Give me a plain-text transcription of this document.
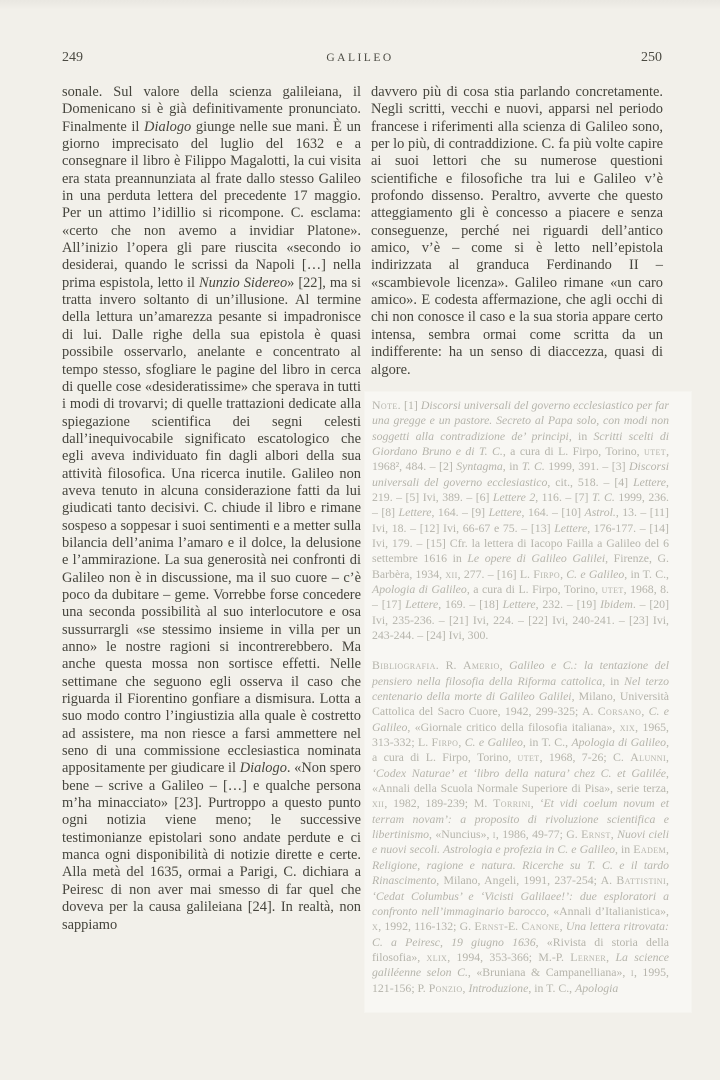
249	GALILEO	250

sonale. Sul valore della scienza galileiana, il Domenicano si è già definitivamente pronunciato. Finalmente il Dialogo giunge nelle sue mani. È un giorno imprecisato del luglio del 1632 e a consegnare il libro è Filippo Magalotti, la cui visita era stata preannunziata al frate dallo stesso Galileo in una perduta lettera del precedente 17 maggio. Per un attimo l’idillio si ricompone. C. esclama: «certo che non avemo a invidiar Platone». All’inizio l’opera gli pare riuscita «secondo io desiderai, quando le scrissi da Napoli […] nella prima espistola, letto il Nunzio Sidereo» [22], ma si tratta invero soltanto di un’illusione. Al termine della lettura un’amarezza pesante si impadronisce di lui. Dalle righe della sua epistola è quasi possibile osservarlo, anelante e concentrato al tempo stesso, sfogliare le pagine del libro in cerca di quelle cose «desideratissime» che sperava in tutti i modi di trovarvi; di quelle trattazioni dedicate alla spiegazione scientifica dei segni celesti dall’inequivocabile significato escatologico che egli aveva individuato fin dagli albori della sua attività filosofica. Una ricerca inutile. Galileo non aveva tenuto in alcuna considerazione fatti da lui giudicati tanto decisivi. C. chiude il libro e rimane sospeso a soppesar i suoi sentimenti e a metter sulla bilancia dell’anima l’amaro e il dolce, la delusione e l’ammirazione. La sua generosità nei confronti di Galileo non è in discussione, ma il suo cuore – c’è poco da dubitare – geme. Vorrebbe forse concedere una seconda possibilità al suo interlocutore e osa sussurrargli «se stessimo insieme in villa per un anno» le nostre ragioni si incontrerebbero. Ma anche questa mossa non sortisce effetti. Nelle settimane che seguono egli osserva il caso che riguarda il Fiorentino gonfiare a dismisura. Lotta a suo modo contro l’ingiustizia alla quale è costretto ad assistere, ma non riesce a farsi ammettere nel seno di una commissione ecclesiastica nominata appositamente per giudicare il Dialogo. «Non spero bene – scrive a Galileo – […] e qualche persona m’ha minacciato» [23]. Purtroppo a questo punto ogni notizia viene meno; le successive testimonianze epistolari sono andate perdute e ci manca ogni disponibilità di notizie dirette e certe. Alla metà del 1635, ormai a Parigi, C. dichiara a Peiresc di non aver mai smesso di far quel che doveva per la causa galileiana [24]. In realtà, non sappiamo

davvero più di cosa stia parlando concretamente. Negli scritti, vecchi e nuovi, apparsi nel periodo francese i riferimenti alla scienza di Galileo sono, per lo più, di contraddizione. C. fa più volte capire ai suoi lettori che su numerose questioni scientifiche e filosofiche tra lui e Galileo v’è profondo dissenso. Peraltro, avverte che questo atteggiamento gli è concesso a piacere e senza conseguenze, perché nei riguardi dell’antico amico, v’è – come si è letto nell’epistola indirizzata al granduca Ferdinando II – «scambievole licenza». Galileo rimane «un caro amico». E codesta affermazione, che agli occhi di chi non conosce il caso e la sua storia appare certo intensa, sembra ormai come scritta da un indifferente: ha un senso di diaccezza, quasi di algore.

Note. [1] Discorsi universali del governo ecclesiastico per far una gregge e un pastore. Secreto al Papa solo, con modi non soggetti alla contradizione de’ principi, in Scritti scelti di Giordano Bruno e di T. C., a cura di L. Firpo, Torino, utet, 1968², 484. – [2] Syntagma, in T. C. 1999, 391. – [3] Discorsi universali del governo ecclesiastico, cit., 518. – [4] Lettere, 219. – [5] Ivi, 389. – [6] Lettere 2, 116. – [7] T. C. 1999, 236. – [8] Lettere, 164. – [9] Lettere, 164. – [10] Astrol., 13. – [11] Ivi, 18. – [12] Ivi, 66-67 e 75. – [13] Lettere, 176-177. – [14] Ivi, 179. – [15] Cfr. la lettera di Iacopo Failla a Galileo del 6 settembre 1616 in Le opere di Galileo Galilei, Firenze, G. Barbèra, 1934, xii, 277. – [16] L. Firpo, C. e Galileo, in T. C., Apologia di Galileo, a cura di L. Firpo, Torino, utet, 1968, 8. – [17] Lettere, 169. – [18] Lettere, 232. – [19] Ibidem. – [20] Ivi, 235-236. – [21] Ivi, 224. – [22] Ivi, 240-241. – [23] Ivi, 243-244. – [24] Ivi, 300.

Bibliografia. R. Amerio, Galileo e C.: la tentazione del pensiero nella filosofia della Riforma cattolica, in Nel terzo centenario della morte di Galileo Galilei, Milano, Università Cattolica del Sacro Cuore, 1942, 299-325; A. Corsano, C. e Galileo, «Giornale critico della filosofia italiana», xix, 1965, 313-332; L. Firpo, C. e Galileo, in T. C., Apologia di Galileo, a cura di L. Firpo, Torino, utet, 1968, 7-26; C. Alunni, ‘Codex Naturae’ et ‘libro della natura’ chez C. et Galilée, «Annali della Scuola Normale Superiore di Pisa», serie terza, xii, 1982, 189-239; M. Torrini, ‘Et vidi coelum novum et terram novam’: a proposito di rivoluzione scientifica e libertinismo, «Nuncius», i, 1986, 49-77; G. Ernst, Nuovi cieli e nuovi secoli. Astrologia e profezia in C. e Galileo, in Eadem, Religione, ragione e natura. Ricerche su T. C. e il tardo Rinascimento, Milano, Angeli, 1991, 237-254; A. Battistini, ‘Cedat Columbus’ e ‘Vicisti Galilaee!’: due esploratori a confronto nell’immaginario barocco, «Annali d’Italianistica», x, 1992, 116-132; G. Ernst-E. Canone, Una lettera ritrovata: C. a Peiresc, 19 giugno 1636, «Rivista di storia della filosofia», xlix, 1994, 353-366; M.-P. Lerner, La science galiléenne selon C., «Bruniana & Campanelliana», i, 1995, 121-156; P. Ponzio, Introduzione, in T. C., Apologia
